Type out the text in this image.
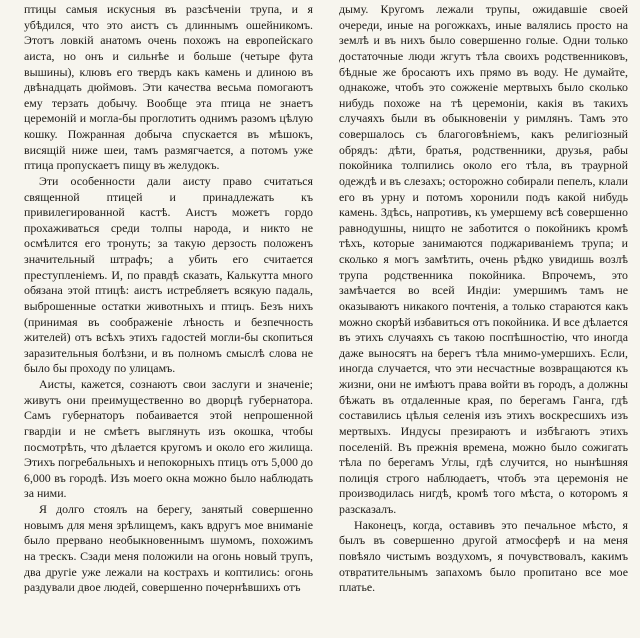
птицы самыя искусныя въ разсѣченіи трупа, и я убѣдился, что это аистъ съ длиннымъ ошейникомъ. Этотъ ловкій анатомъ очень похожъ на европейскаго аиста, но онъ и сильнѣе и больше (четыре фута вышины), клювъ его твердъ какъ камень и длиною въ двѣнадцать дюймовъ. Эти качества весьма помогаютъ ему терзать добычу. Вообще эта птица не знаетъ церемоній и могла-бы проглотить однимъ разомъ цѣлую кошку. Пожранная добыча спускается въ мѣшокъ, висящій ниже шеи, тамъ размягчается, а потомъ уже птица пропускаетъ пищу въ желудокъ.

Эти особенности дали аисту право считаться священной птицей и принадлежать къ привилегированной кастѣ. Аистъ можетъ гордо прохаживаться среди толпы народа, и никто не осмѣлится его тронуть; за такую дерзость положенъ значительный штрафъ; а убить его считается преступленіемъ. И, по правдѣ сказать, Калькутта много обязана этой птицѣ: аистъ истребляетъ всякую падаль, выброшенные остатки животныхъ и птицъ. Безъ нихъ (принимая въ соображеніе лѣность и безпечность жителей) отъ всѣхъ этихъ гадостей могли-бы скопиться заразительныя болѣзни, и въ полномъ смыслѣ слова не было бы проходу по улицамъ.

Аисты, кажется, сознаютъ свои заслуги и значеніе; живутъ они преимущественно во дворцѣ губернатора. Самъ губернаторъ побаивается этой непрошенной гвардіи и не смѣетъ выглянуть изъ окошка, чтобы посмотрѣть, что дѣлается кругомъ и около его жилища. Этихъ погребальныхъ и непокорныхъ птицъ отъ 5,000 до 6,000 въ городѣ. Изъ моего окна можно было наблюдать за ними.

Я долго стоялъ на берегу, занятый совершенно новымъ для меня зрѣлищемъ, какъ вдругъ мое вниманіе было прервано необыкновеннымъ шумомъ, похожимъ на трескъ. Сзади меня положили на огонь новый трупъ, два другіе уже лежали на кострахъ и коптились: огонь раздували двое людей, совершенно почернѣвшихъ отъ

дыму. Кругомъ лежали трупы, ожидавшіе своей очереди, иные на рогожкахъ, иные валялись просто на землѣ и въ нихъ было совершенно голые. Одни только достаточные люди жгутъ тѣла своихъ родственниковъ, бѣдные же бросаютъ ихъ прямо въ воду. Не думайте, однакоже, чтобъ это сожженіе мертвыхъ было сколько нибудь похоже на тѣ церемоніи, какія въ такихъ случаяхъ были въ обыкновеніи у римлянъ. Тамъ это совершалось съ благоговѣніемъ, какъ религіозный обрядъ: дѣти, братья, родственники, друзья, рабы покойника толпились около его тѣла, въ траурной одеждѣ и въ слезахъ; осторожно собирали пепелъ, клали его въ урну и потомъ хоронили подъ какой нибудь камень. Здѣсь, напротивъ, къ умершему всѣ совершенно равнодушны, нищто не заботится о покойникъ кромѣ тѣхъ, которые занимаются поджариваніемъ трупа; и сколько я могъ замѣтить, очень рѣдко увидишь возлѣ трупа родственника покойника. Впрочемъ, это замѣчается во всей Индіи: умершимъ тамъ не оказываютъ никакого почтенія, а только стараются какъ можно скорѣй избавиться отъ покойника. И все дѣлается въ этихъ случаяхъ съ такою поспѣшностію, что иногда даже выносятъ на берегъ тѣла мнимо-умершихъ. Если, иногда случается, что эти несчастные возвращаются къ жизни, они не имѣютъ права войти въ городъ, а должны бѣжать въ отдаленные края, по берегамъ Ганга, гдѣ составились цѣлыя селенія изъ этихъ воскресшихъ изъ мертвыхъ. Индусы презираютъ и избѣгаютъ этихъ поселеній. Въ прежнія времена, можно было сожигать тѣла по берегамъ Углы, гдѣ случится, но нынѣшняя полиція строго наблюдаетъ, чтобъ эта церемонія не производилась нигдѣ, кромѣ того мѣста, о которомъ я разсказалъ.

Наконецъ, когда, оставивъ это печальное мѣсто, я былъ въ совершенно другой атмосферѣ и на меня повѣяло чистымъ воздухомъ, я почувствовалъ, какимъ отвратительнымъ запахомъ было пропитано все мое платье.
